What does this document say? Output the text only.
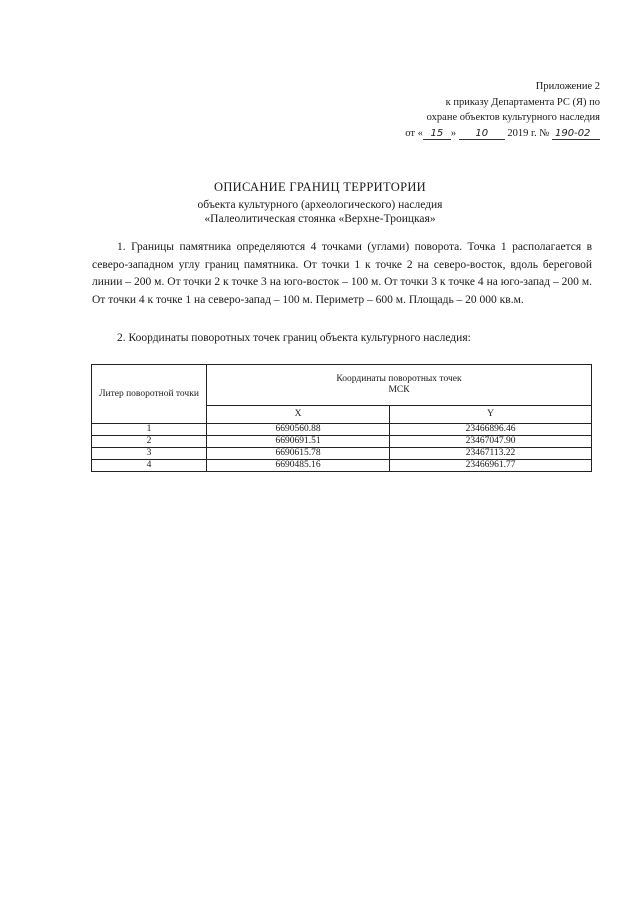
Приложение 2
к приказу Департамента РС (Я) по
охране объектов культурного наследия
от « 15 » 10 2019 г. № 190-02
ОПИСАНИЕ ГРАНИЦ ТЕРРИТОРИИ
объекта культурного (археологического) наследия
«Палеолитическая стоянка «Верхне-Троицкая»
1. Границы памятника определяются 4 точками (углами) поворота. Точка 1 располагается в северо-западном углу границ памятника. От точки 1 к точке 2 на северо-восток, вдоль береговой линии – 200 м. От точки 2 к точке 3 на юго-восток – 100 м. От точки 3 к точке 4 на юго-запад – 200 м. От точки 4 к точке 1 на северо-запад – 100 м. Периметр – 600 м. Площадь – 20 000 кв.м.
2. Координаты поворотных точек границ объекта культурного наследия:
Литер поворотной точки	Координаты поворотных точек
МСК	
	X	Y
1	6690560.88	23466896.46
2	6690691.51	23467047.90
3	6690615.78	23467113.22
4	6690485.16	23466961.77
